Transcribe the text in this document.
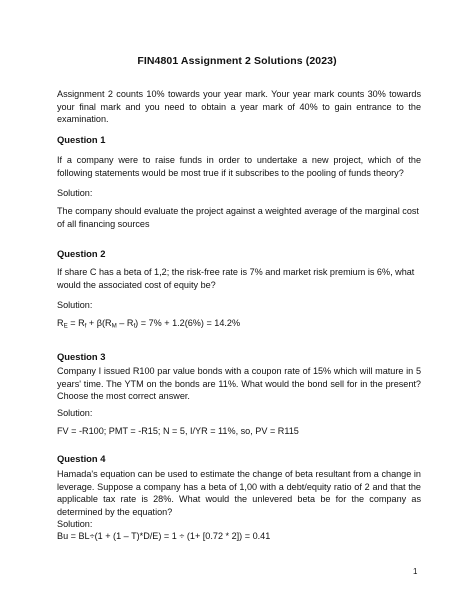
FIN4801 Assignment 2 Solutions (2023)
Assignment 2 counts 10% towards your year mark. Your year mark counts 30% towards your final mark and you need to obtain a year mark of 40% to gain entrance to the examination.
Question 1
If a company were to raise funds in order to undertake a new project, which of the following statements would be most true if it subscribes to the pooling of funds theory?
Solution:
The company should evaluate the project against a weighted average of the marginal cost of all financing sources
Question 2
If share C has a beta of 1,2; the risk-free rate is 7% and market risk premium is 6%, what would the associated cost of equity be?
Solution:
$R_E = R_f + \beta(R_M - R_f) = 7\% + 1.2(6\%) = 14.2\%$
Question 3
Company I issued R100 par value bonds with a coupon rate of 15% which will mature in 5 years' time. The YTM on the bonds are 11%. What would the bond sell for in the present? Choose the most correct answer.
Solution:
FV = -R100; PMT = -R15; N = 5, I/YR = 11%, so, PV = R115
Question 4
Hamada's equation can be used to estimate the change of beta resultant from a change in leverage. Suppose a company has a beta of 1,00 with a debt/equity ratio of 2 and that the applicable tax rate is 28%. What would the unlevered beta be for the company as determined by the equation?
Solution:
Bu = BL÷(1 + (1 – T)*D/E) = 1 ÷ (1+ [0.72 * 2]) = 0.41
1
